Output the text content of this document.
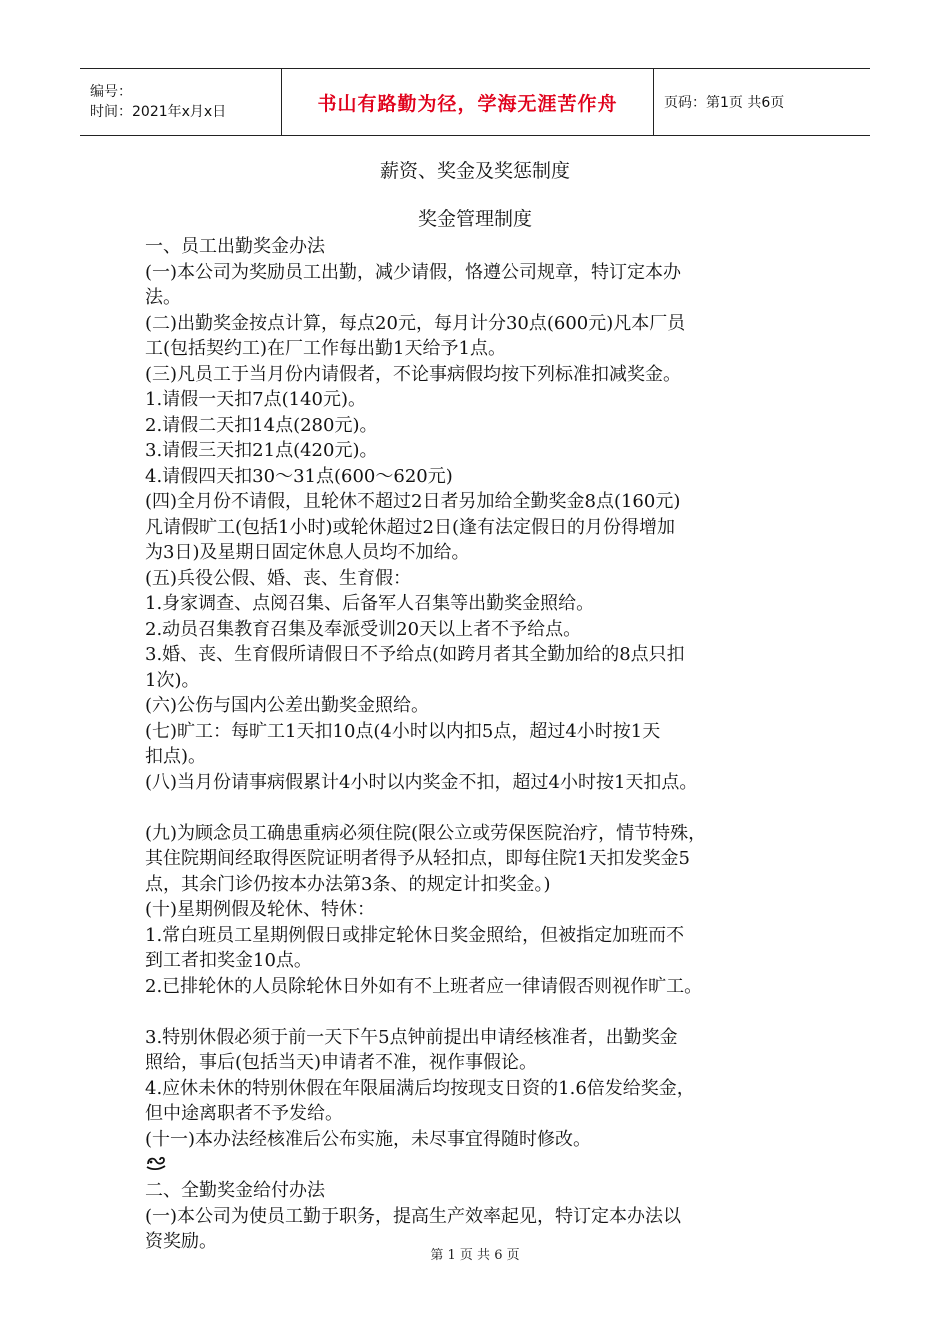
编号：
时间：2021年x月x日	书山有路勤为径，学海无涯苦作舟	页码：第1页 共6页
薪资、奖金及奖惩制度
奖金管理制度
一、员工出勤奖金办法
(一)本公司为奖励员工出勤，减少请假，恪遵公司规章，特订定本办
法。
(二)出勤奖金按点计算，每点20元，每月计分30点(600元)凡本厂员
工(包括契约工)在厂工作每出勤1天给予1点。
(三)凡员工于当月份内请假者，不论事病假均按下列标准扣减奖金。
1.请假一天扣7点(140元)。
2.请假二天扣14点(280元)。
3.请假三天扣21点(420元)。
4.请假四天扣30～31点(600～620元)
(四)全月份不请假，且轮休不超过2日者另加给全勤奖金8点(160元)
凡请假旷工(包括1小时)或轮休超过2日(逢有法定假日的月份得增加
为3日)及星期日固定休息人员均不加给。
(五)兵役公假、婚、丧、生育假：
1.身家调查、点阅召集、后备军人召集等出勤奖金照给。
2.动员召集教育召集及奉派受训20天以上者不予给点。
3.婚、丧、生育假所请假日不予给点(如跨月者其全勤加给的8点只扣
1次)。
(六)公伤与国内公差出勤奖金照给。
(七)旷工：每旷工1天扣10点(4小时以内扣5点，超过4小时按1天
扣点)。
(八)当月份请事病假累计4小时以内奖金不扣，超过4小时按1天扣点。
(九)为顾念员工确患重病必须住院(限公立或劳保医院治疗，情节特殊，
其住院期间经取得医院证明者得予从轻扣点，即每住院1天扣发奖金5
点，其余门诊仍按本办法第3条、的规定计扣奖金。)
(十)星期例假及轮休、特休：
1.常白班员工星期例假日或排定轮休日奖金照给，但被指定加班而不
到工者扣奖金10点。
2.已排轮休的人员除轮休日外如有不上班者应一律请假否则视作旷工。
3.特别休假必须于前一天下午5点钟前提出申请经核准者，出勤奖金
照给，事后(包括当天)申请者不准，视作事假论。
4.应休未休的特别休假在年限届满后均按现支日资的1.6倍发给奖金，
但中途离职者不予发给。
(十一)本办法经核准后公布实施，未尽事宜得随时修改。
二、全勤奖金给付办法
(一)本公司为使员工勤于职务，提高生产效率起见，特订定本办法以
资奖励。
第 1 页 共 6 页
